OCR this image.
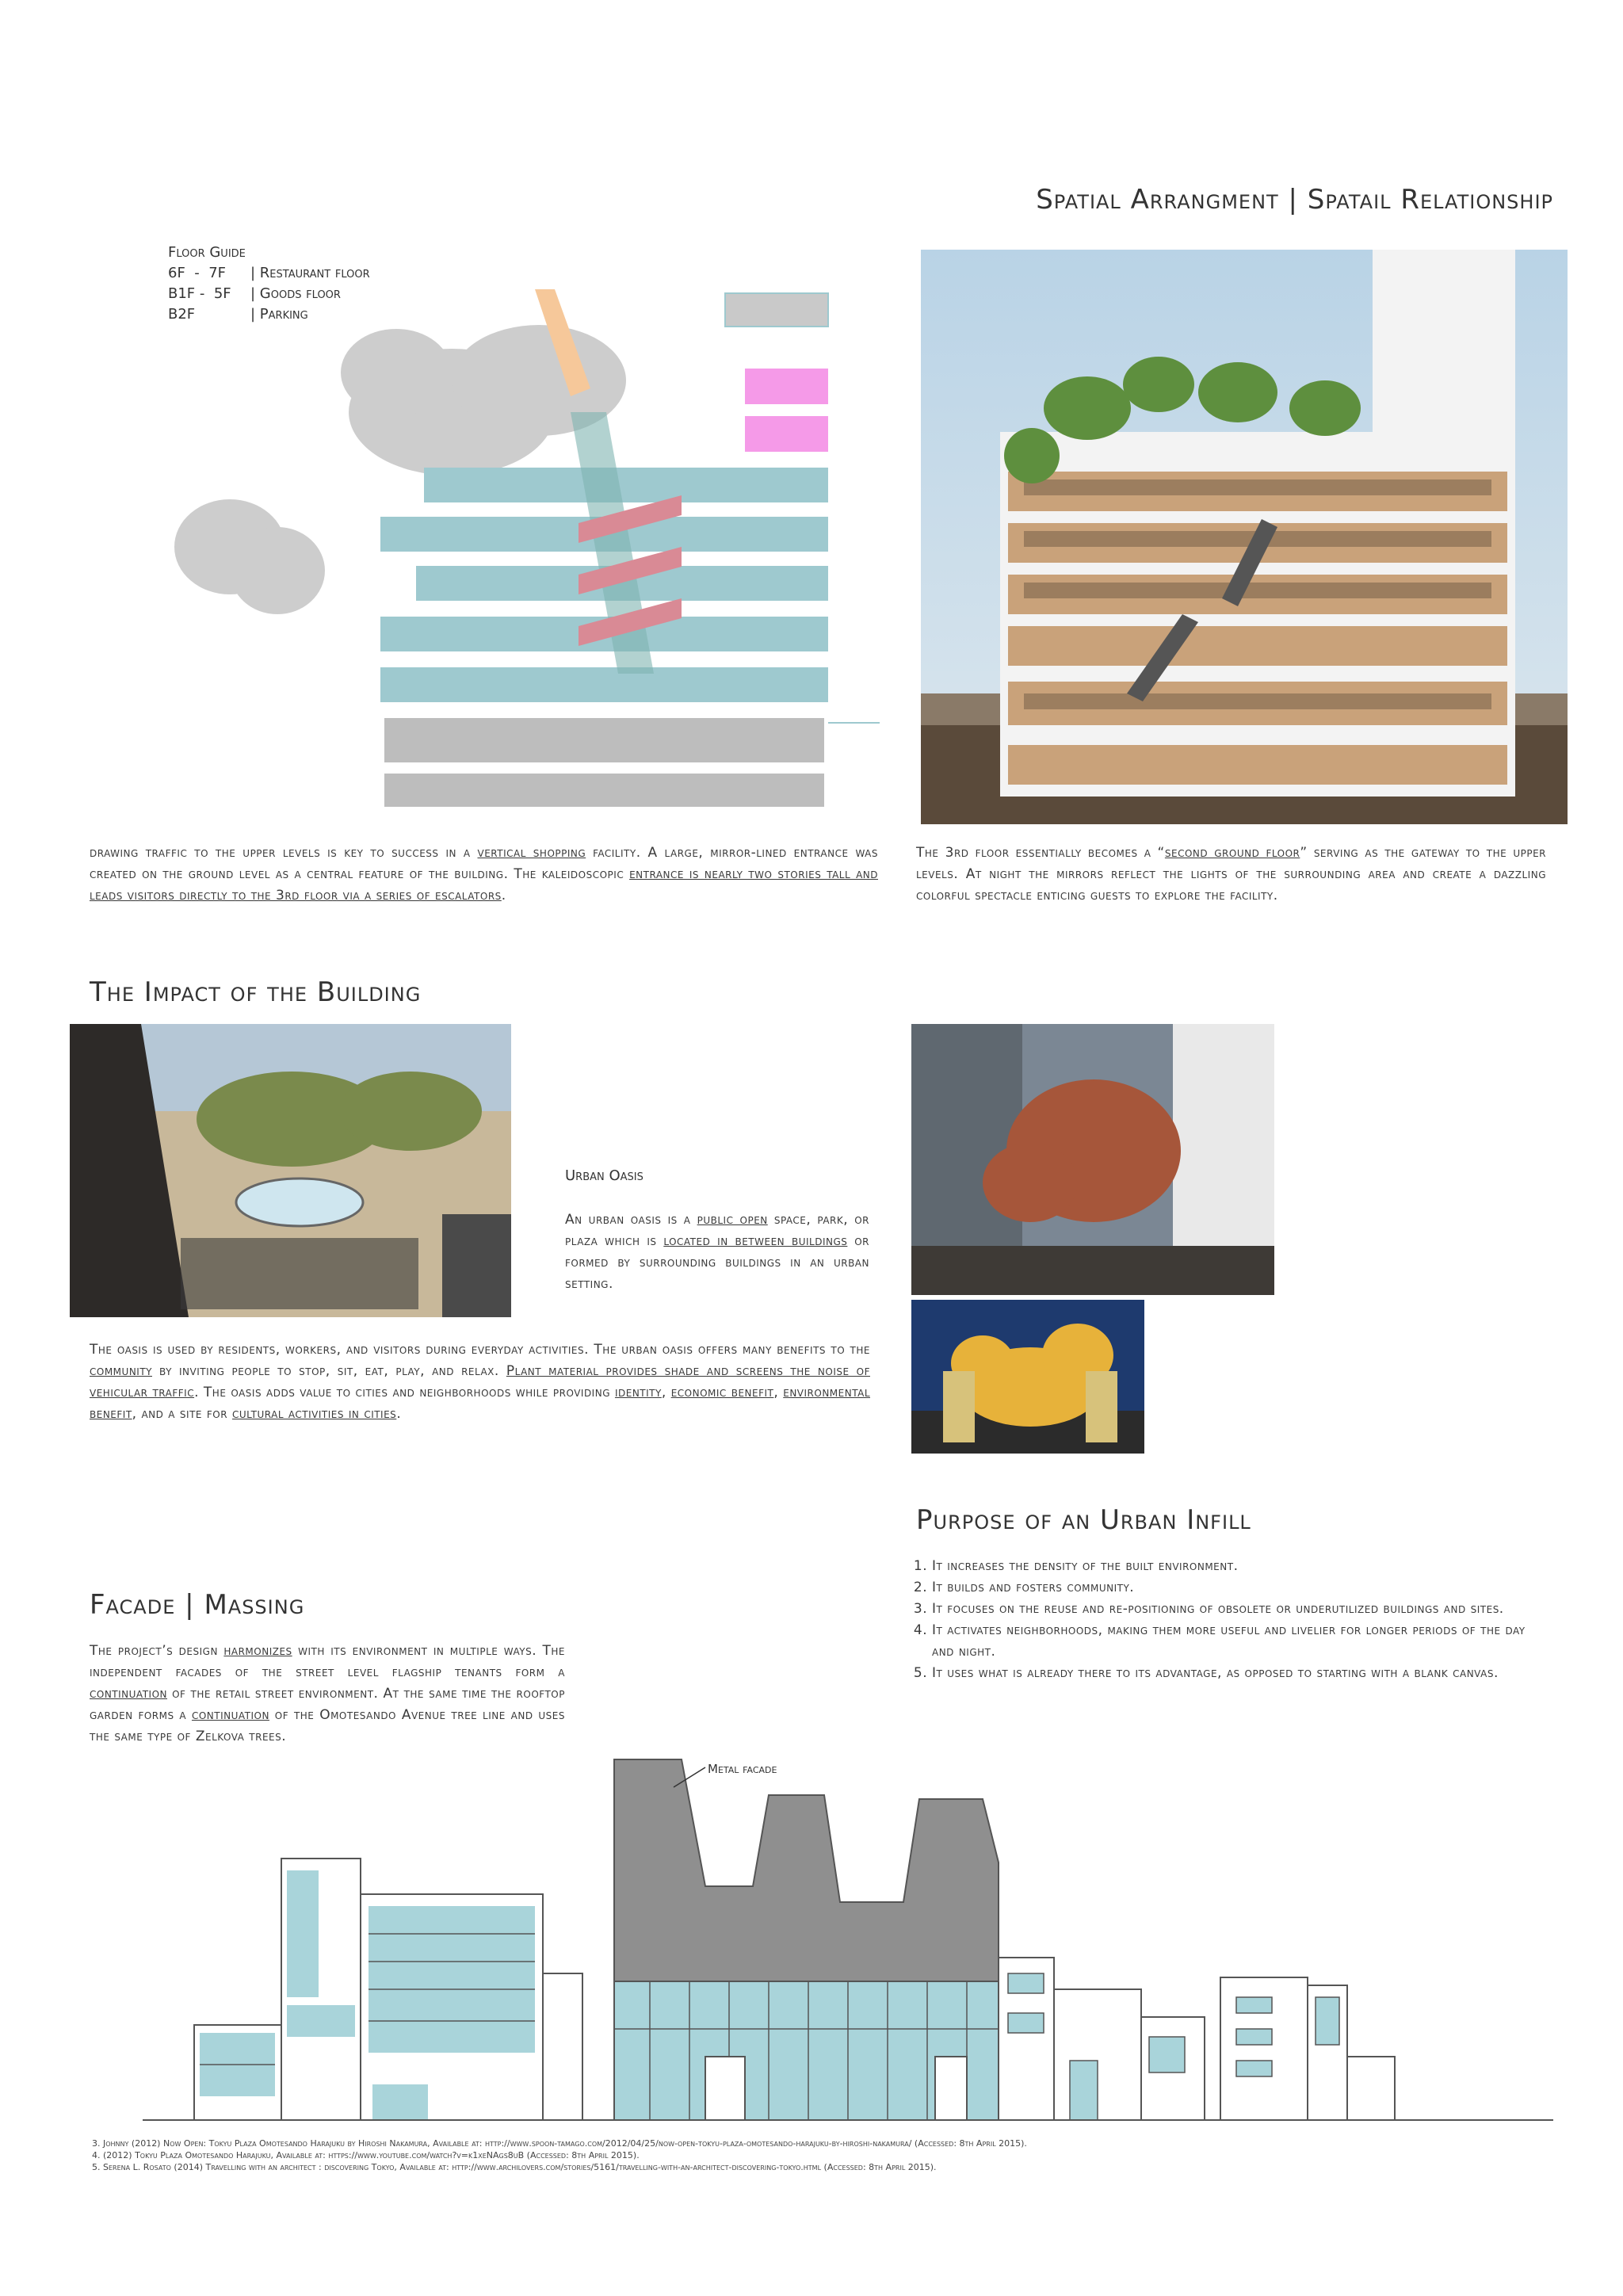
Spatial Arrangment | Spatail Relationship
Floor Guide
6F  -  7F | Restaurant floor
B1F -  5F | Goods floor
B2F	| Parking
drawing traffic to the upper levels is key to success in a vertical shopping facility. A large, mirror-lined entrance was created on the ground level as a central feature of the building. The kaleidoscopic entrance is nearly two stories tall and leads visitors directly to the 3rd floor via a series of escalators.
The 3rd floor essentially becomes a “second ground floor” serving as the gateway to the upper levels. At night the mirrors reflect the lights of the surrounding area and create a dazzling colorful spectacle enticing guests to explore the facility.
The Impact of the Building
Urban Oasis
An urban oasis is a public open space, park, or plaza which is located in between buildings or formed by surrounding buildings in an urban setting.
The oasis is used by residents, workers, and visitors during everyday activities. The urban oasis offers many benefits to the community by inviting people to stop, sit, eat, play, and relax. Plant material provides shade and screens the noise of vehicular traffic. The oasis adds value to cities and neighborhoods while providing identity, economic benefit, environmental benefit, and a site for cultural activities in cities.
Purpose of an Urban Infill
1. It increases the density of the built environment.
2. It builds and fosters community.
3. It focuses on the reuse and re-positioning of obsolete or underutilized buildings and sites.
4. It activates neighborhoods, making them more useful and livelier for longer periods of the day and night.
5. It uses what is already there to its advantage, as opposed to starting with a blank canvas.
Facade | Massing
The project’s design harmonizes with its environment in multiple ways. The independent facades of the street level flagship tenants form a continuation of the retail street environment. At the same time the rooftop garden forms a continuation of the Omotesando Avenue tree line and uses the same type of Zelkova trees.
Metal facade
3. Johnny (2012) Now Open: Tokyu Plaza Omotesando Harajuku by Hiroshi Nakamura, Available at: http://www.spoon-tamago.com/2012/04/25/now-open-tokyu-plaza-omotesando-harajuku-by-hiroshi-nakamura/ (Accessed: 8th April 2015).
4. (2012) Tokyu Plaza Omotesando Harajuku, Available at: https://www.youtube.com/watch?v=k1xeNAgs8uB (Accessed: 8th April 2015).
5. Serena L. Rosato (2014) Travelling with an architect : discovering Tokyo, Available at: http://www.archilovers.com/stories/5161/travelling-with-an-architect-discovering-tokyo.html (Accessed: 8th April 2015).
